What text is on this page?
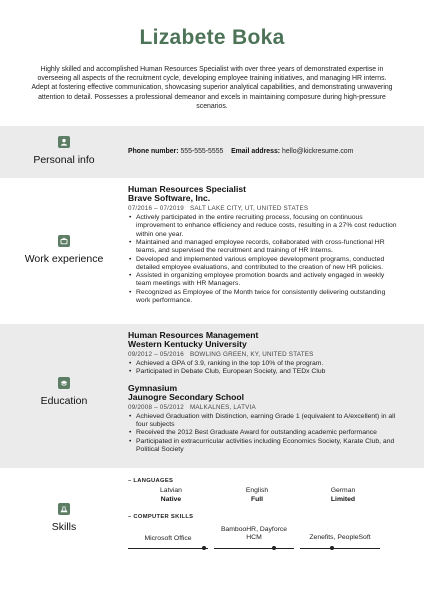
Lizabete Boka
Highly skilled and accomplished Human Resources Specialist with over three years of demonstrated expertise in overseeing all aspects of the recruitment cycle, developing employee training initiatives, and managing HR interns. Adept at fostering effective communication, showcasing superior analytical capabilities, and demonstrating unwavering attention to detail. Possesses a professional demeanor and excels in maintaining composure during high-pressure scenarios.
Personal info
Phone number: 555-555-5555 Email address: hello@kickresume.com
Work experience
Human Resources Specialist
Brave Software, Inc.
07/2016 – 07/2019 SALT LAKE CITY, UT, UNITED STATES
• Actively participated in the entire recruiting process, focusing on continuous improvement to enhance efficiency and reduce costs, resulting in a 27% cost reduction within one year.
• Maintained and managed employee records, collaborated with cross-functional HR teams, and supervised the recruitment and training of HR Interns.
• Developed and implemented various employee development programs, conducted detailed employee evaluations, and contributed to the creation of new HR policies.
• Assisted in organizing employee promotion boards and actively engaged in weekly team meetings with HR Managers.
• Recognized as Employee of the Month twice for consistently delivering outstanding work performance.
Education
Human Resources Management
Western Kentucky University
09/2012 – 05/2016 BOWLING GREEN, KY, UNITED STATES
• Achieved a GPA of 3.9, ranking in the top 10% of the program.
• Participated in Debate Club, European Society, and TEDx Club
Gymnasium
Jaunogre Secondary School
09/2008 – 05/2012 MALKALNES, LATVIA
• Achieved Graduation with Distinction, earning Grade 1 (equivalent to A/excellent) in all four subjects
• Received the 2012 Best Graduate Award for outstanding academic performance
• Participated in extracurricular activities including Economics Society, Karate Club, and Political Society
Skills
– LANGUAGES
Latvian
Native
English
Full
German
Limited
– COMPUTER SKILLS
Microsoft Office
BambooHR, Dayforce HCM	Zenefits, PeopleSoft
